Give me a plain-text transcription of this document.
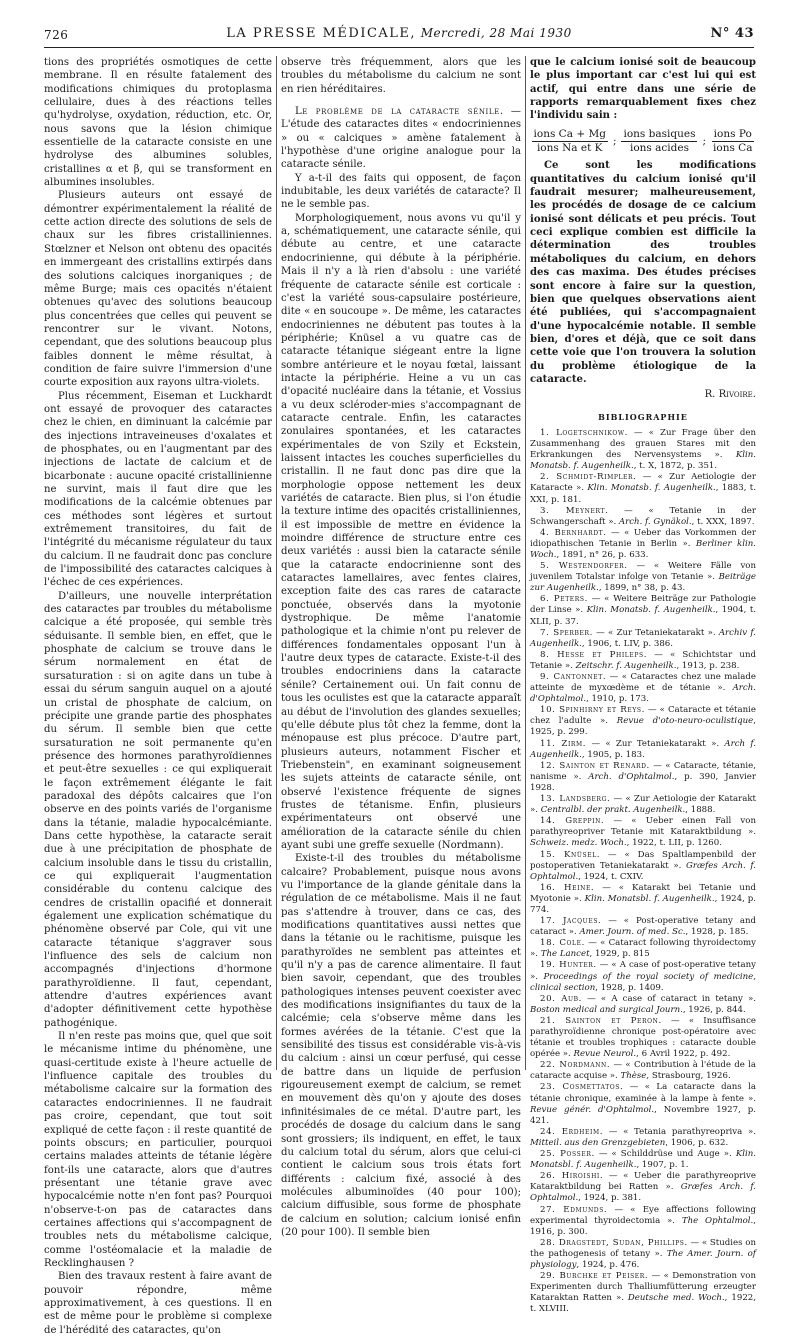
726	LA PRESSE MÉDICALE, Mercredi, 28 Mai 1930	N° 43

tions des propriétés osmotiques de cette membrane. Il en résulte fatalement des modifications chimiques du protoplasma cellulaire, dues à des réactions telles qu'hydrolyse, oxydation, réduction, etc. Or, nous savons que la lésion chimique essentielle de la cataracte consiste en une hydrolyse des albumines solubles, cristallines α et β, qui se transforment en albumines insolubles.

Plusieurs auteurs ont essayé de démontrer expérimentalement la réalité de cette action directe des solutions de sels de chaux sur les fibres cristalliniennes. Stœlzner et Nelson ont obtenu des opacités en immergeant des cristallins extirpés dans des solutions calciques inorganiques ; de même Burge; mais ces opacités n'étaient obtenues qu'avec des solutions beaucoup plus concentrées que celles qui peuvent se rencontrer sur le vivant. Notons, cependant, que des solutions beaucoup plus faibles donnent le même résultat, à condition de faire suivre l'immersion d'une courte exposition aux rayons ultra-violets.

Plus récemment, Eiseman et Luckhardt ont essayé de provoquer des cataractes chez le chien, en diminuant la calcémie par des injections intraveineuses d'oxalates et de phosphates, ou en l'augmentant par des injections de lactate de calcium et de bicarbonate : aucune opacité cristallinienne ne survint, mais il faut dire que les modifications de la calcémie obtenues par ces méthodes sont légères et surtout extrêmement transitoires, du fait de l'intégrité du mécanisme régulateur du taux du calcium. Il ne faudrait donc pas conclure de l'impossibilité des cataractes calciques à l'échec de ces expériences.

D'ailleurs, une nouvelle interprétation des cataractes par troubles du métabolisme calcique a été proposée, qui semble très séduisante. Il semble bien, en effet, que le phosphate de calcium se trouve dans le sérum normalement en état de sursaturation : si on agite dans un tube à essai du sérum sanguin auquel on a ajouté un cristal de phosphate de calcium, on précipite une grande partie des phosphates du sérum. Il semble bien que cette sursaturation ne soit permanente qu'en présence des hormones parathyroïdiennes et peut-être sexuelles : ce qui expliquerait le façon extrêmement élégante le fait paradoxal des dépôts calcaires que l'on observe en des points variés de l'organisme dans la tétanie, maladie hypocalcémiante. Dans cette hypothèse, la cataracte serait due à une précipitation de phosphate de calcium insoluble dans le tissu du cristallin, ce qui expliquerait l'augmentation considérable du contenu calcique des cendres de cristallin opacifié et donnerait également une explication schématique du phénomène observé par Cole, qui vit une cataracte tétanique s'aggraver sous l'influence des sels de calcium non accompagnés d'injections d'hormone parathyroïdienne. Il faut, cependant, attendre d'autres expériences avant d'adopter définitivement cette hypothèse pathogénique.

Il n'en reste pas moins que, quel que soit le mécanisme intime du phénomène, une quasi-certitude existe à l'heure actuelle de l'influence capitale des troubles du métabolisme calcaire sur la formation des cataractes endocriniennes. Il ne faudrait pas croire, cependant, que tout soit expliqué de cette façon : il reste quantité de points obscurs; en particulier, pourquoi certains malades atteints de tétanie légère font-ils une cataracte, alors que d'autres présentant une tétanie grave avec hypocalcémie notte n'en font pas? Pourquoi n'observe-t-on pas de cataractes dans certaines affections qui s'accompagnent de troubles nets du métabolisme calcique, comme l'ostéomalacie et la maladie de Recklinghausen ?

Bien des travaux restent à faire avant de pouvoir répondre, même approximativement, à ces questions. Il en est de même pour le problème si complexe de l'hérédité des cataractes, qu'on

observe très fréquemment, alors que les troubles du métabolisme du calcium ne sont en rien héréditaires.

Le problème de la cataracte sénile. — L'étude des cataractes dites « endocriniennes » ou « calciques » amène fatalement à l'hypothèse d'une origine analogue pour la cataracte sénile.

Y a-t-il des faits qui opposent, de façon indubitable, les deux variétés de cataracte? Il ne le semble pas.

Morphologiquement, nous avons vu qu'il y a, schématiquement, une cataracte sénile, qui débute au centre, et une cataracte endocrinienne, qui débute à la périphérie. Mais il n'y a là rien d'absolu : une variété fréquente de cataracte sénile est corticale : c'est la variété sous-capsulaire postérieure, dite « en soucoupe ». De même, les cataractes endocriniennes ne débutent pas toutes à la périphérie; Knüsel a vu quatre cas de cataracte tétanique siégeant entre la ligne sombre antérieure et le noyau fœtal, laissant intacte la périphérie. Heine a vu un cas d'opacité nucléaire dans la tétanie, et Vossius a vu deux scléroder-mies s'accompagnant de cataracte centrale. Enfin, les cataractes zonulaires spontanées, et les cataractes expérimentales de von Szily et Eckstein, laissent intactes les couches superficielles du cristallin. Il ne faut donc pas dire que la morphologie oppose nettement les deux variétés de cataracte. Bien plus, si l'on étudie la texture intime des opacités cristalliniennes, il est impossible de mettre en évidence la moindre différence de structure entre ces deux variétés : aussi bien la cataracte sénile que la cataracte endocrinienne sont des cataractes lamellaires, avec fentes claires, exception faite des cas rares de cataracte ponctuée, observés dans la myotonie dystrophique. De même l'anatomie pathologique et la chimie n'ont pu relever de différences fondamentales opposant l'un à l'autre deux types de cataracte. Existe-t-il des troubles endocriniens dans la cataracte sénile? Certainement oui. Un fait connu de tous les oculistes est que la cataracte apparaît au début de l'involution des glandes sexuelles; qu'elle débute plus tôt chez la femme, dont la ménopause est plus précoce. D'autre part, plusieurs auteurs, notamment Fischer et Triebenstein", en examinant soigneusement les sujets atteints de cataracte sénile, ont observé l'existence fréquente de signes frustes de tétanisme. Enfin, plusieurs expérimentateurs ont observé une amélioration de la cataracte sénile du chien ayant subi une greffe sexuelle (Nordmann).

Existe-t-il des troubles du métabolisme calcaire? Probablement, puisque nous avons vu l'importance de la glande génitale dans la régulation de ce métabolisme. Mais il ne faut pas s'attendre à trouver, dans ce cas, des modifications quantitatives aussi nettes que dans la tétanie ou le rachitisme, puisque les parathyroïdes ne semblent pas atteintes et qu'il n'y a pas de carence alimentaire. Il faut bien savoir, cependant, que des troubles pathologiques intenses peuvent coexister avec des modifications insignifiantes du taux de la calcémie; cela s'observe même dans les formes avérées de la tétanie. C'est que la sensibilité des tissus est considérable vis-à-vis du calcium : ainsi un cœur perfusé, qui cesse de battre dans un liquide de perfusion rigoureusement exempt de calcium, se remet en mouvement dès qu'on y ajoute des doses infinitésimales de ce métal. D'autre part, les procédés de dosage du calcium dans le sang sont grossiers; ils indiquent, en effet, le taux du calcium total du sérum, alors que celui-ci contient le calcium sous trois états fort différents : calcium fixé, associé à des molécules albuminoïdes (40 pour 100); calcium diffusible, sous forme de phosphate de calcium en solution; calcium ionisé enfin (20 pour 100). Il semble bien

que le calcium ionisé soit de beaucoup le plus important car c'est lui qui est actif, qui entre dans une série de rapports remarquablement fixes chez l'individu sain :

$\frac{\text{ions Ca + Mg}}{\text{ions Na et K}}$ ; $\frac{\text{ions basiques}}{\text{ions acides}}$ ; $\frac{\text{ions Po}}{\text{ions Ca}}$

Ce sont les modifications quantitatives du calcium ionisé qu'il faudrait mesurer; malheureusement, les procédés de dosage de ce calcium ionisé sont délicats et peu précis. Tout ceci explique combien est difficile la détermination des troubles métaboliques du calcium, en dehors des cas maxima. Des études précises sont encore à faire sur la question, bien que quelques observations aient été publiées, qui s'accompagnaient d'une hypocalcémie notable. Il semble bien, d'ores et déjà, que ce soit dans cette voie que l'on trouvera la solution du problème étiologique de la cataracte.

R. Rivoire.
BIBLIOGRAPHIE

1. Logetschnikow. — « Zur Frage über den Zusammenhang des grauen Stares mit den Erkrankungen des Nervensystems ». Klin. Monatsb. f. Augenheilk., t. X, 1872, p. 351.

2. Schmidt-Rimpler. — « Zur Aetiologie der Kataracte ». Klin. Monatsb. f. Augenheilk., 1883, t. XXI, p. 181.

3. Meynert. — « Tetanie in der Schwangerschaft ». Arch. f. Gynäkol., t. XXX, 1897.

4. Bernhardt. — « Ueber das Vorkommen der idiopathischen Tetanie in Berlin ». Berliner klin. Woch., 1891, n° 26, p. 633.

5. Westendorfer. — « Weitere Fälle von juvenilem Totalstar infolge von Tetanie ». Beiträge zur Augenheilk., 1899, n° 38, p. 43.

6. Peters. — « Weitere Beiträge zur Pathologie der Linse ». Klin. Monatsb. f. Augenheilk., 1904, t. XLII, p. 37.

7. Sperber. — « Zur Tetaniekatarakt ». Archiv f. Augenheilk., 1906, t. LIV, p. 386.

8. Hesse et Phileps. — « Schichtstar und Tetanie ». Zeitschr. f. Augenheilk., 1913, p. 238.

9. Cantonnet. — « Cataractes chez une malade atteinte de myxœdème et de tétanie ». Arch. d'Ophtalmol., 1910, p. 173.

10. Spinhirny et Reys. — « Cataracte et tétanie chez l'adulte ». Revue d'oto-neuro-oculistique, 1925, p. 299.

11. Zirm. — « Zur Tetaniekatarakt ». Arch f. Augenheilk., 1905, p. 183.

12. Sainton et Renard. — « Cataracte, tétanie, nanisme ». Arch. d'Ophtalmol., p. 390, Janvier 1928.

13. Landsberg. — « Zur Aetiologie der Katarakt ». Centralbl. der prakt. Augenheilk., 1888.

14. Greppin. — « Ueber einen Fall von parathyreopriver Tetanie mit Kataraktbildung ». Schweiz. medz. Woch., 1922, t. LII, p. 1260.

15. Knüsel. — « Das Spaltlampenbild der postoperativen Tetaniekatarakt ». Græfes Arch. f. Ophtalmol., 1924, t. CXIV.

16. Heine. — « Katarakt bei Tetanie und Myotonie ». Klin. Monatsbl. f. Augenheilk., 1924, p. 774.

17. Jacques. — « Post-operative tetany and cataract ». Amer. Journ. of med. Sc., 1928, p. 185.

18. Cole. — « Cataract following thyroidectomy ». The Lancet, 1929, p. 815

19. Hunter. — « A case of post-operative tetany ». Proceedings of the royal society of medicine, clinical section, 1928, p. 1409.

20. Aub. — « A case of cataract in tetany ». Boston medical and surgical Journ., 1926, p. 844.

21. Sainton et Peron. — « Insuffisance parathyroïdienne chronique post-opératoire avec tétanie et troubles trophiques : cataracte double opérée ». Revue Neurol., 6 Avril 1922, p. 492.

22. Nordmann. — « Contribution à l'étude de la cataracte acquise ». Thèse, Strasbourg, 1926.

23. Cosmettatos. — « La cataracte dans la tétanie chronique, examinée à la lampe à fente ». Revue génér. d'Ophtalmol., Novembre 1927, p. 421.

24. Erdheim. — « Tetania parathyreopriva ». Mitteil. aus den Grenzgebieten, 1906, p. 632.

25. Posser. — « Schilddrüse und Auge ». Klin. Monatsbl. f. Augenheilk., 1907, p. 1.

26. Hiroishi. — « Ueber die parathyreoprive Kataraktbildung bei Ratten ». Græfes Arch. f. Ophtalmol., 1924, p. 381.

27. Edmunds. — « Eye affections following experimental thyroidectomia ». The Ophtalmol., 1916, p. 300.

28. Dragstedt, Sudan, Phillips. — « Studies on the pathogenesis of tetany ». The Amer. Journ. of physiology, 1924, p. 476.

29. Burchke et Peiser. — « Demonstration von Experimenten durch Thalliumfütterung erzeugter Kataraktan Ratten ». Deutsche med. Woch., 1922, t. XLVIII.
